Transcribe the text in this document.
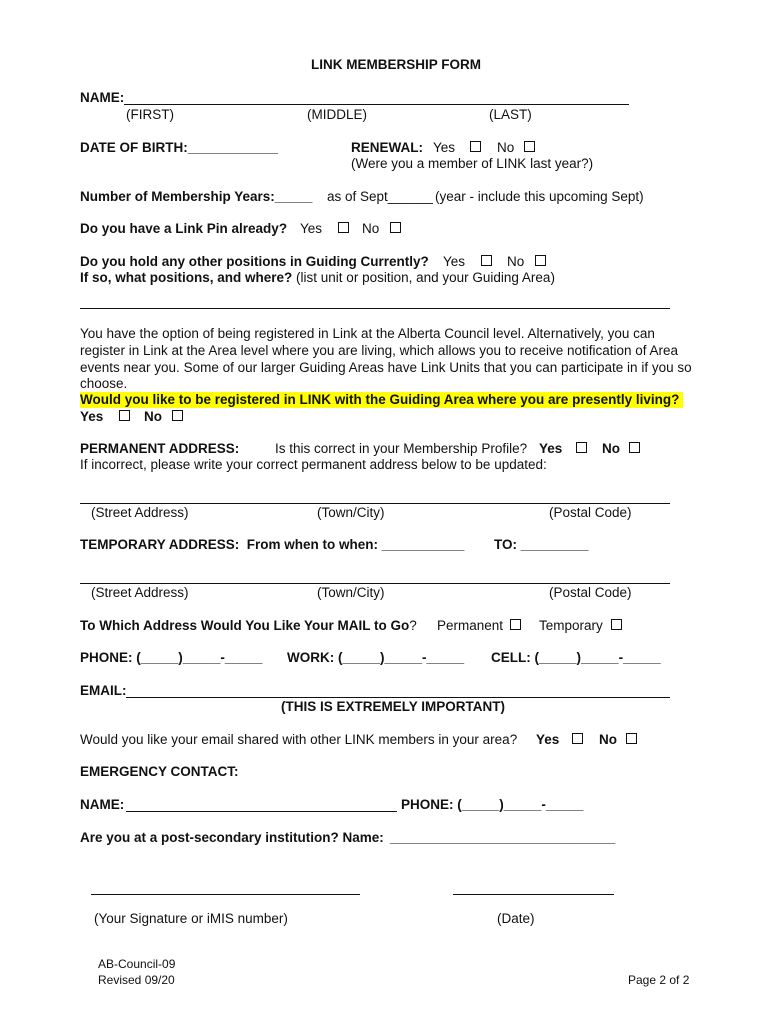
LINK MEMBERSHIP FORM
NAME:
(FIRST)	(MIDDLE)	(LAST)
DATE OF BIRTH:____________	RENEWAL: Yes	No
(Were you a member of LINK last year?)
Number of Membership Years:_____ as of Sept______ (year - include this upcoming Sept)
Do you have a Link Pin already? Yes	No
Do you hold any other positions in Guiding Currently? Yes	No
If so, what positions, and where? (list unit or position, and your Guiding Area)
You have the option of being registered in Link at the Alberta Council level. Alternatively, you can
register in Link at the Area level where you are living, which allows you to receive notification of Area
events near you. Some of our larger Guiding Areas have Link Units that you can participate in if you so
choose.
Would you like to be registered in LINK with the Guiding Area where you are presently living?
Yes	No
PERMANENT ADDRESS:	Is this correct in your Membership Profile? Yes	No
If incorrect, please write your correct permanent address below to be updated:
(Street Address)	(Town/City)	(Postal Code)
TEMPORARY ADDRESS:  From when to when: ___________ TO: _________
(Street Address)	(Town/City)	(Postal Code)
To Which Address Would You Like Your MAIL to Go? Permanent	Temporary
PHONE: (_____)_____-_____ WORK: (_____)_____-_____ CELL: (_____)_____-_____
EMAIL:
(THIS IS EXTREMELY IMPORTANT)
Would you like your email shared with other LINK members in your area? Yes	No
EMERGENCY CONTACT:
NAME:	PHONE: (_____)_____-_____
Are you at a post-secondary institution? Name: ______________________________
(Your Signature or iMIS number)	(Date)
AB-Council-09
Revised 09/20	Page 2 of 2
